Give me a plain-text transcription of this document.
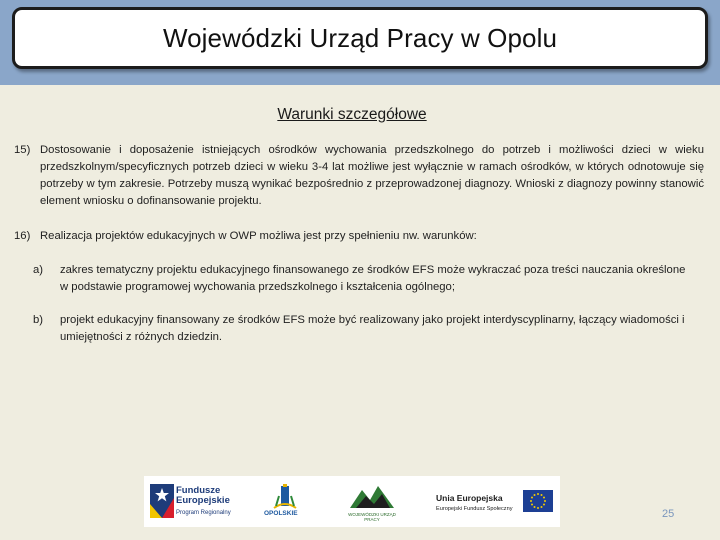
Wojewódzki Urząd Pracy w Opolu
Warunki szczegółowe
15) Dostosowanie i doposażenie istniejących ośrodków wychowania przedszkolnego do potrzeb i możliwości dzieci w wieku przedszkolnym/specyficznych potrzeb dzieci w wieku 3-4 lat możliwe jest wyłącznie w ramach ośrodków, w których odnotowuje się potrzeby w tym zakresie. Potrzeby muszą wynikać bezpośrednio z przeprowadzonej diagnozy. Wnioski z diagnozy powinny stanowić element wniosku o dofinansowanie projektu.
16) Realizacja projektów edukacyjnych w OWP możliwa jest przy spełnieniu nw. warunków:
a) zakres tematyczny projektu edukacyjnego finansowanego ze środków EFS może wykraczać poza treści nauczania określone w podstawie programowej wychowania przedszkolnego i kształcenia ogólnego;
b) projekt edukacyjny finansowany ze środków EFS może być realizowany jako projekt interdyscyplinarny, łączący wiadomości i umiejętności z różnych dziedzin.
Fundusze
Europejskie
Program Regionalny	OPOLSKIE	WOJEWÓDZKI URZĄD PRACY
Unia Europejska
Europejski Fundusz Społeczny	25
